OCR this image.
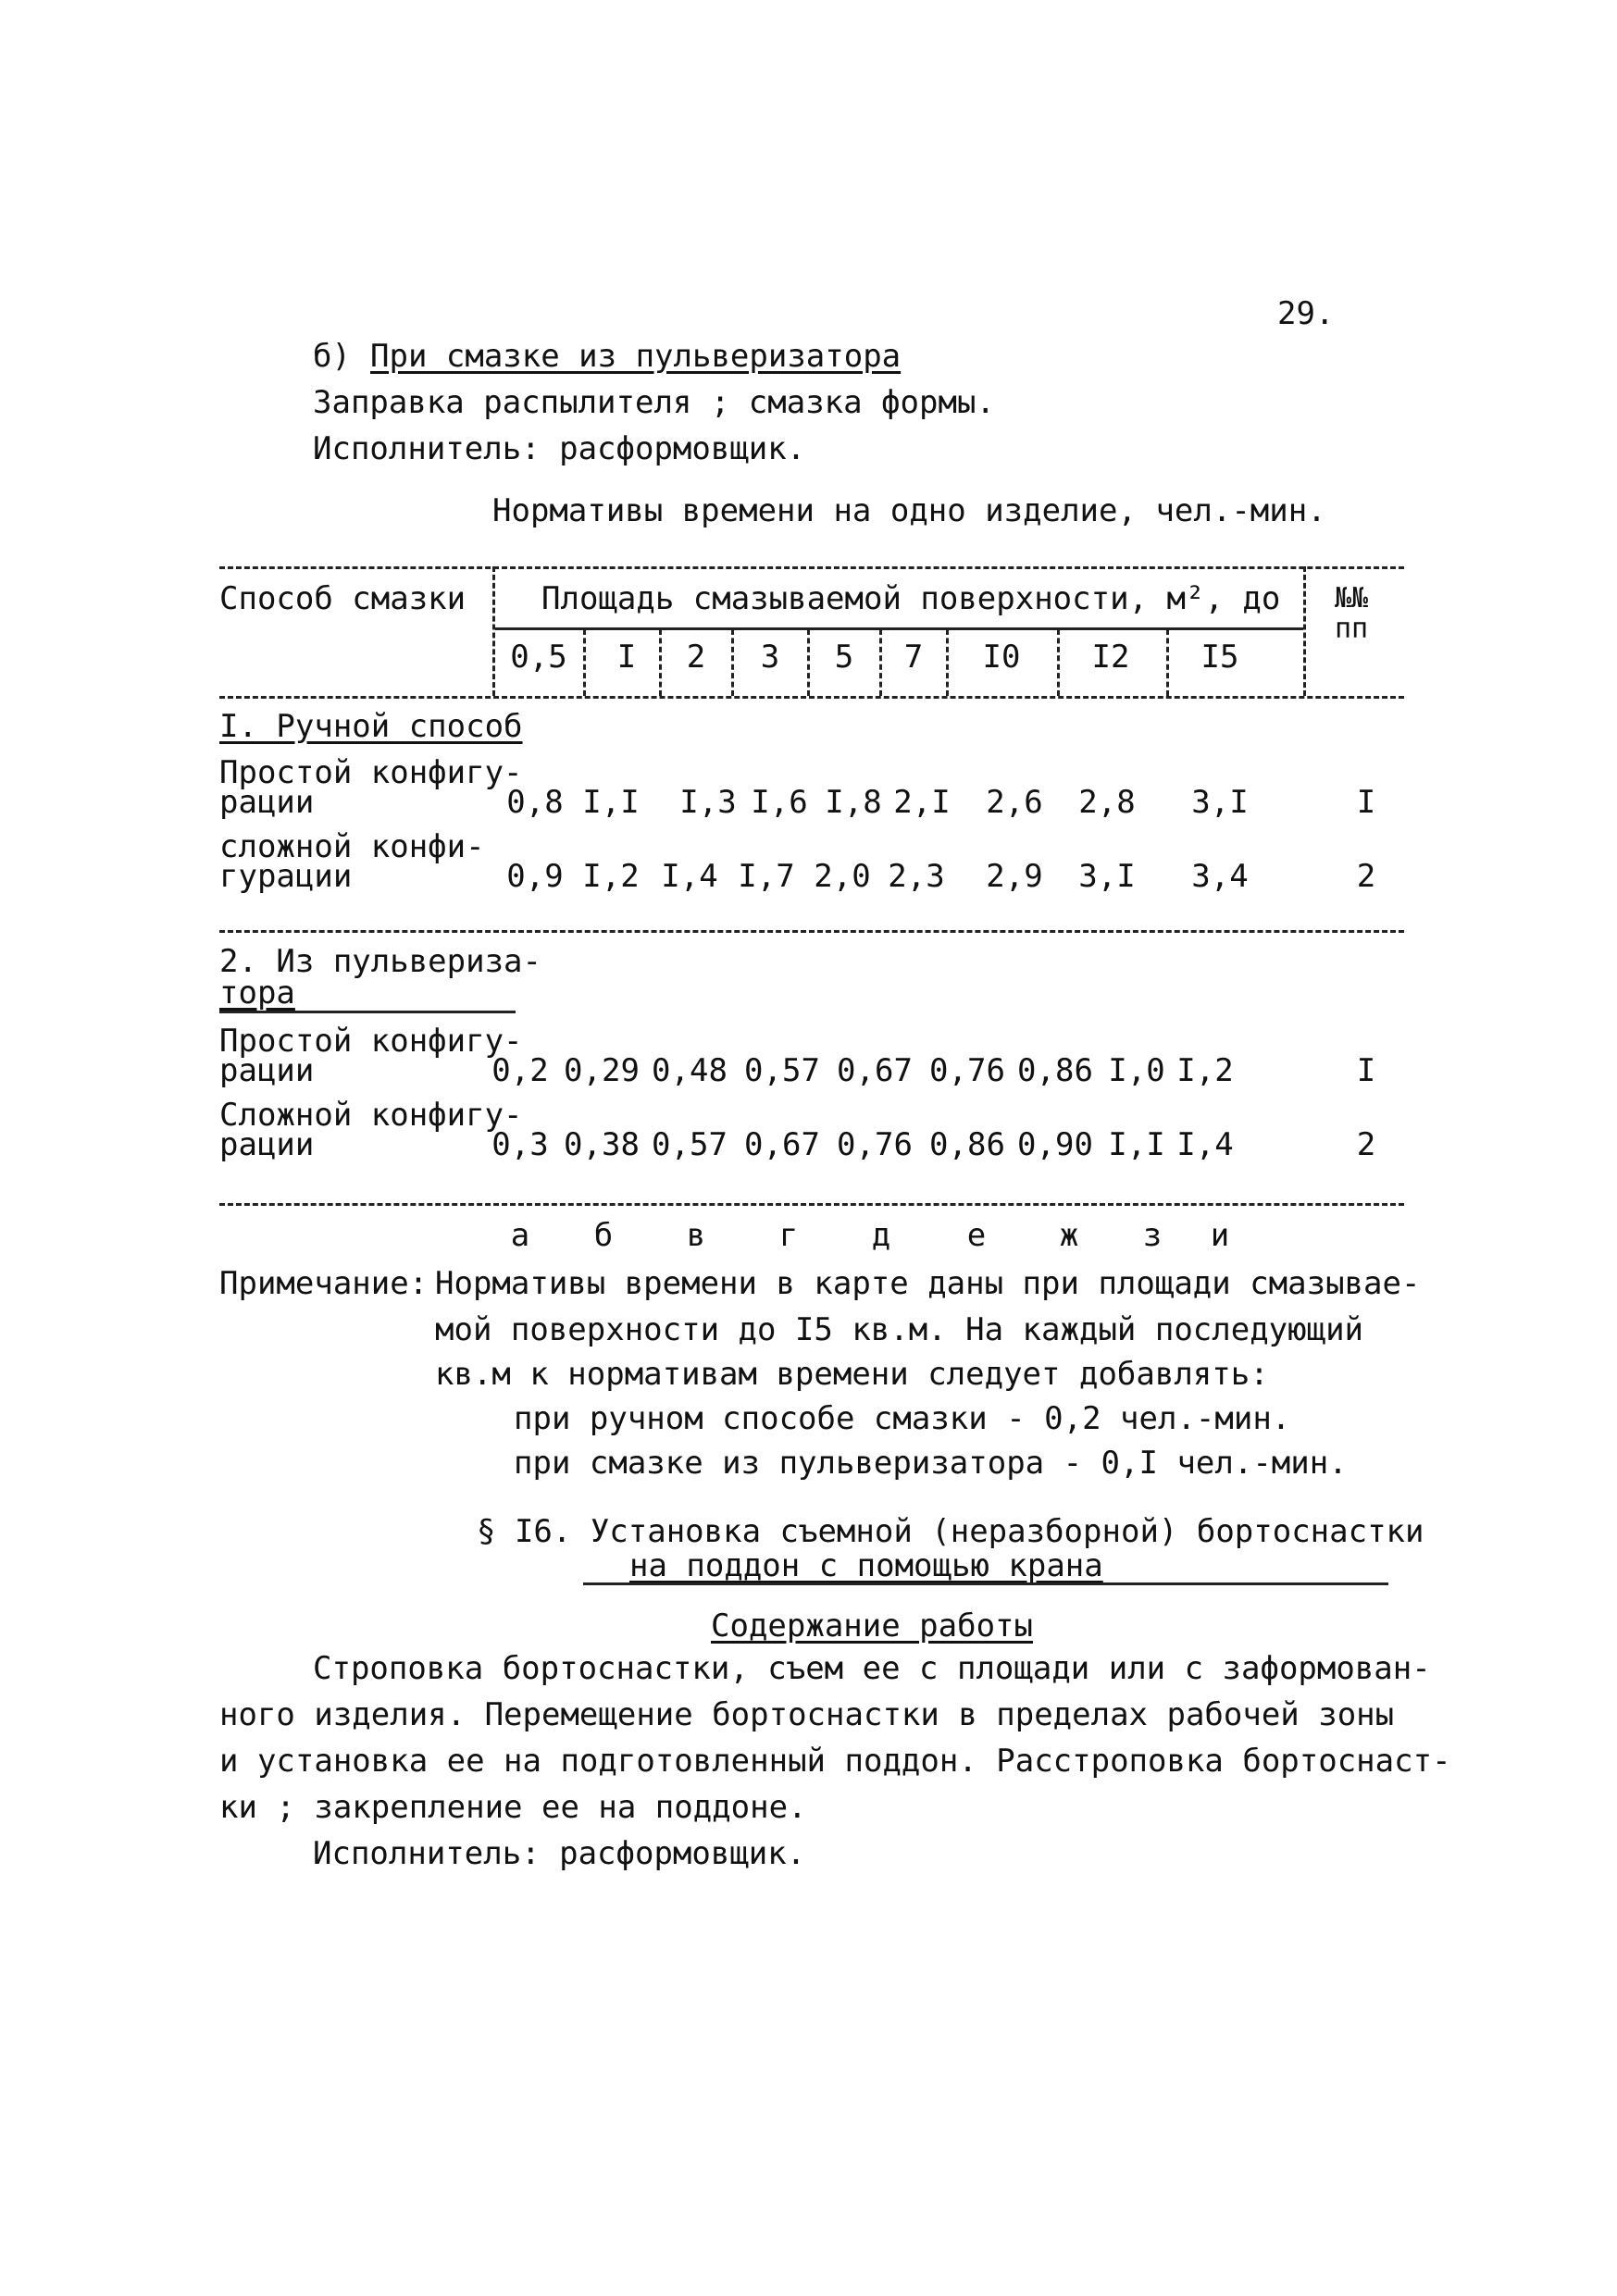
29.
б) При смазке из пульверизатора
Заправка распылителя ; смазка формы.
Исполнитель: расформовщик.
Нормативы времени на одно изделие, чел.-мин.
Способ смазки Площадь смазываемой поверхности, м², до №№ пп
0,5 I 2 3 5 7 I0 I2 I5
I. Ручной способ
Простой конфигу-
рации	0,8 I,I I,3 I,6 I,8 2,I 2,6 2,8 3,I	I
сложной конфи-
гурации	0,9 I,2 I,4 I,7 2,0 2,3 2,9 3,I 3,4	2
2. Из пульвериза-
тора
Простой конфигу-
рации	0,2 0,29 0,48 0,57 0,67 0,76 0,86 I,0 I,2	I
Сложной конфигу-
рации	0,3 0,38 0,57 0,67 0,76 0,86 0,90 I,I I,4	2
а б в г д е ж з и
Примечание: Нормативы времени в карте даны при площади смазывае-
мой поверхности до I5 кв.м. На каждый последующий
кв.м к нормативам времени следует добавлять:
при ручном способе смазки - 0,2 чел.-мин.
при смазке из пульверизатора - 0,I чел.-мин.
§ I6. Установка съемной (неразборной) бортоснастки
на поддон с помощью крана
Содержание работы
Строповка бортоснастки, съем ее с площади или с заформован-
ного изделия. Перемещение бортоснастки в пределах рабочей зоны
и установка ее на подготовленный поддон. Расстроповка бортоснаст-
ки ; закрепление ее на поддоне.
Исполнитель: расформовщик.
